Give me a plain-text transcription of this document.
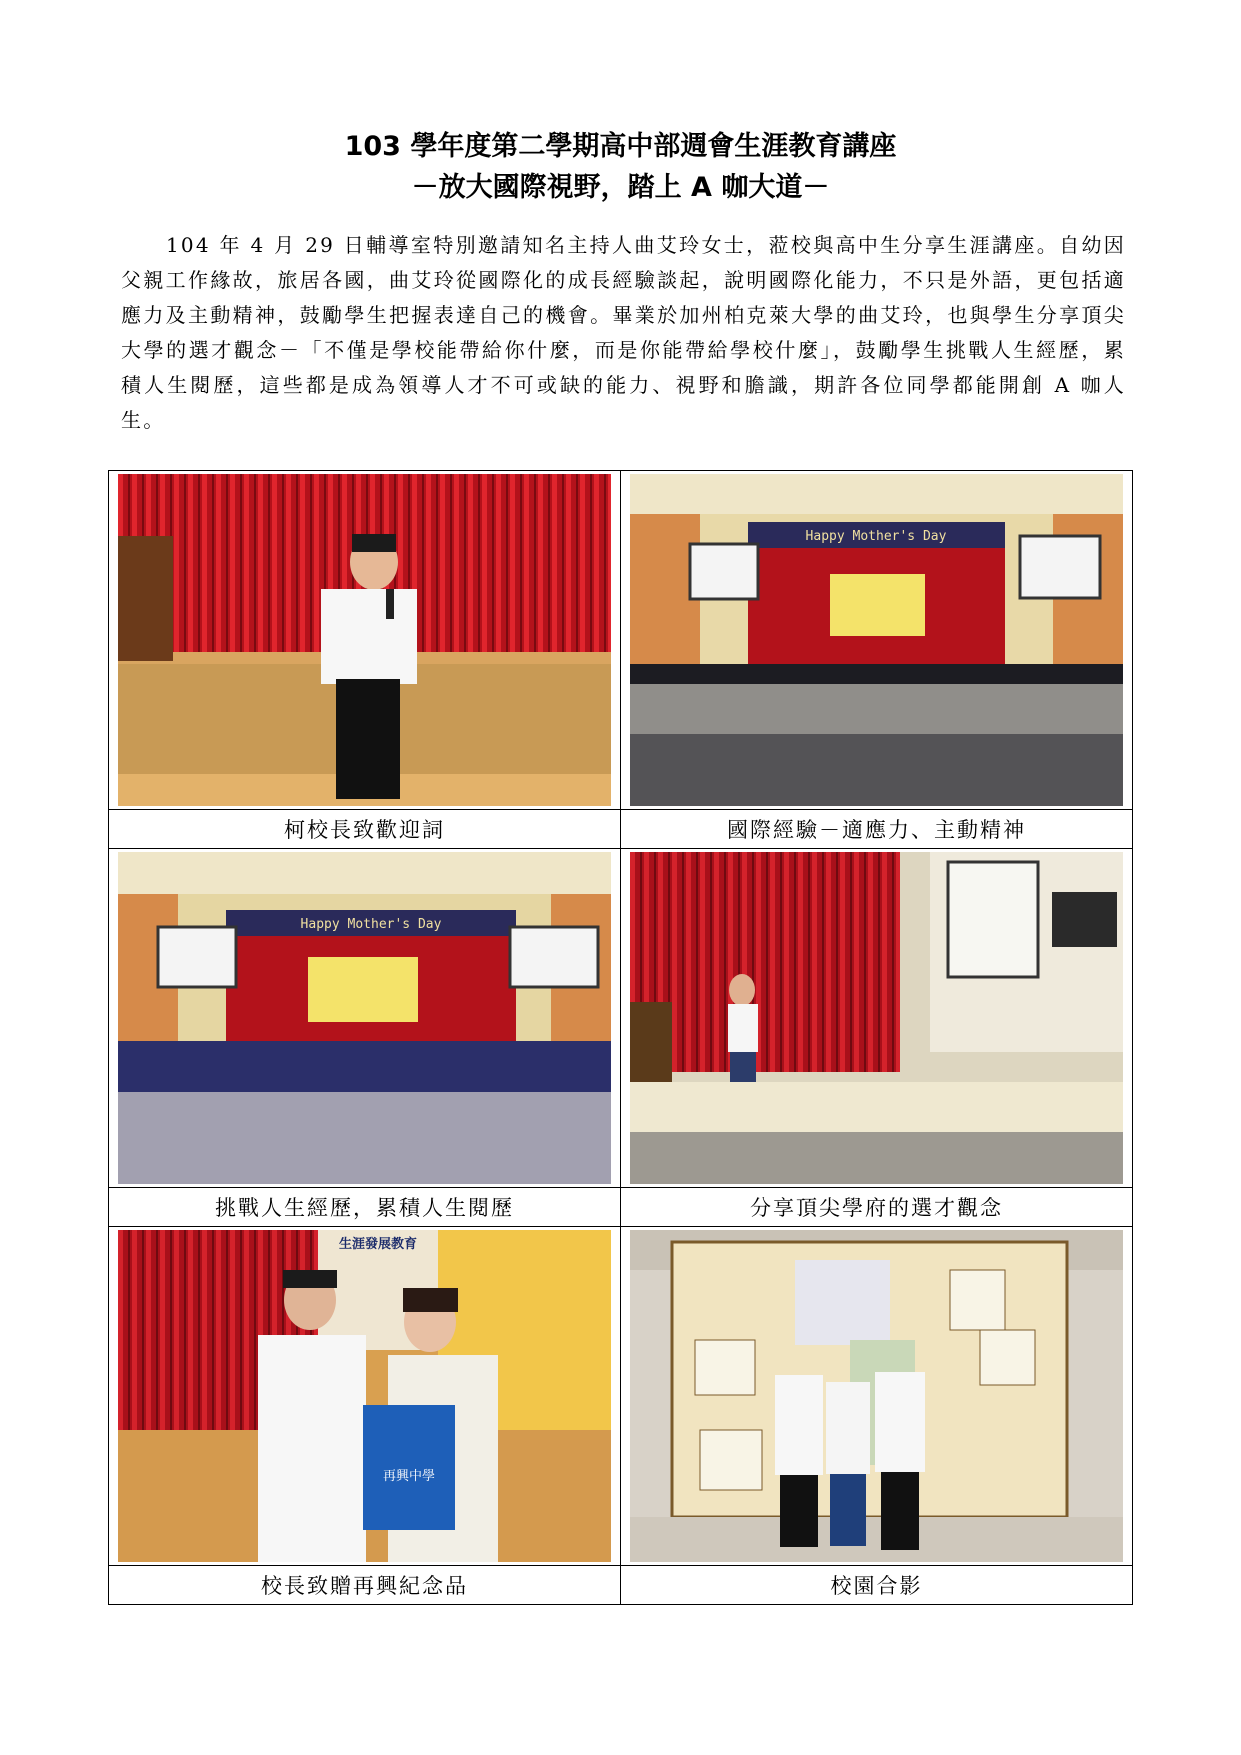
103 學年度第二學期高中部週會生涯教育講座
－放大國際視野，踏上 A 咖大道－
104 年 4 月 29 日輔導室特別邀請知名主持人曲艾玲女士，蒞校與高中生分享生涯講座。自幼因父親工作緣故，旅居各國，曲艾玲從國際化的成長經驗談起，說明國際化能力，不只是外語，更包括適應力及主動精神，鼓勵學生把握表達自己的機會。畢業於加州柏克萊大學的曲艾玲，也與學生分享頂尖大學的選才觀念－「不僅是學校能帶給你什麼，而是你能帶給學校什麼」，鼓勵學生挑戰人生經歷，累積人生閱歷，這些都是成為領導人才不可或缺的能力、視野和膽識，期許各位同學都能開創 A 咖人生。

Happy Mother's Day

柯校長致歡迎詞	國際經驗－適應力、主動精神

Happy Mother's Day

挑戰人生經歷，累積人生閱歷	分享頂尖學府的選才觀念

生涯發展教育
再興中學

校長致贈再興紀念品	校園合影
